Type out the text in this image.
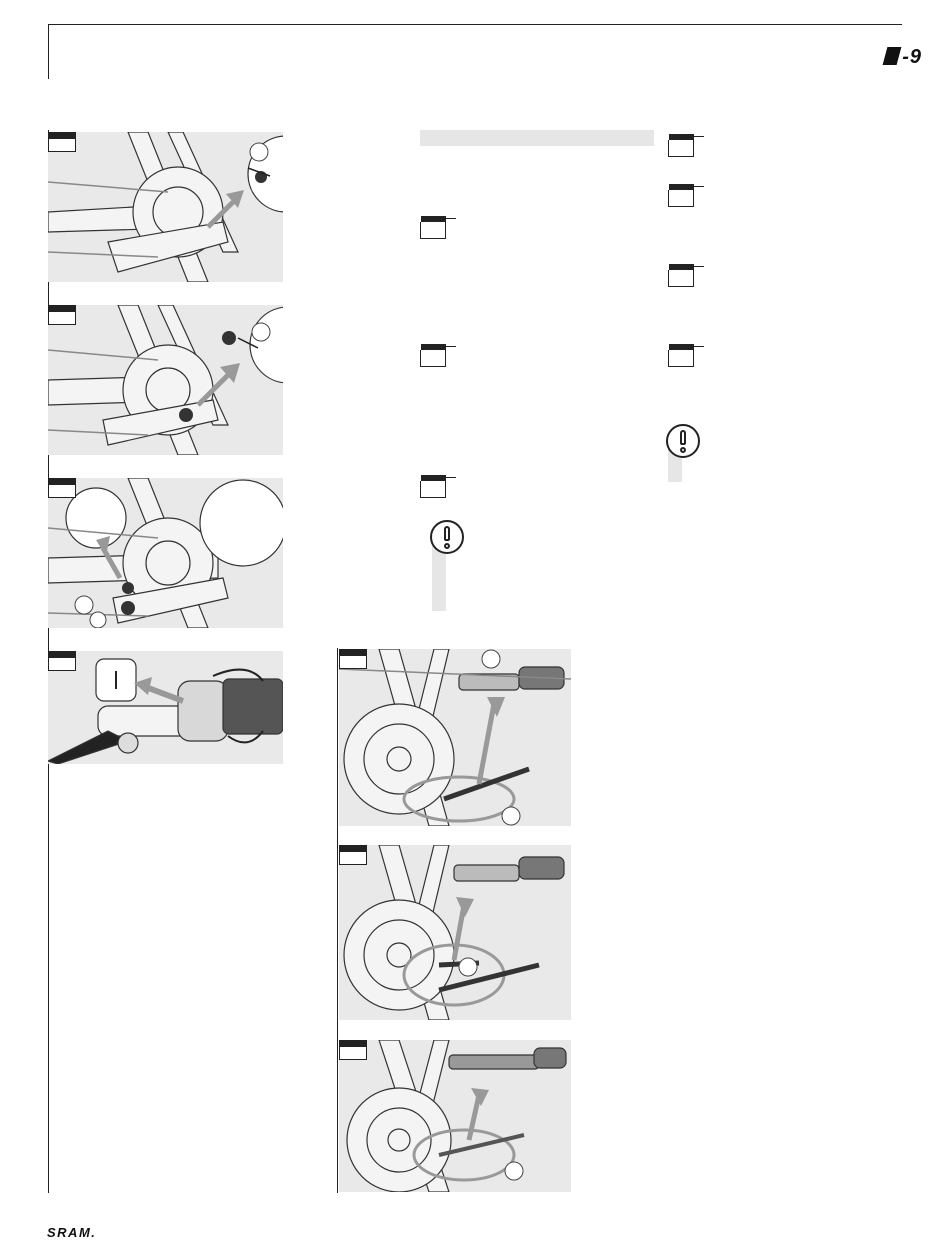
-9
SRAM.
